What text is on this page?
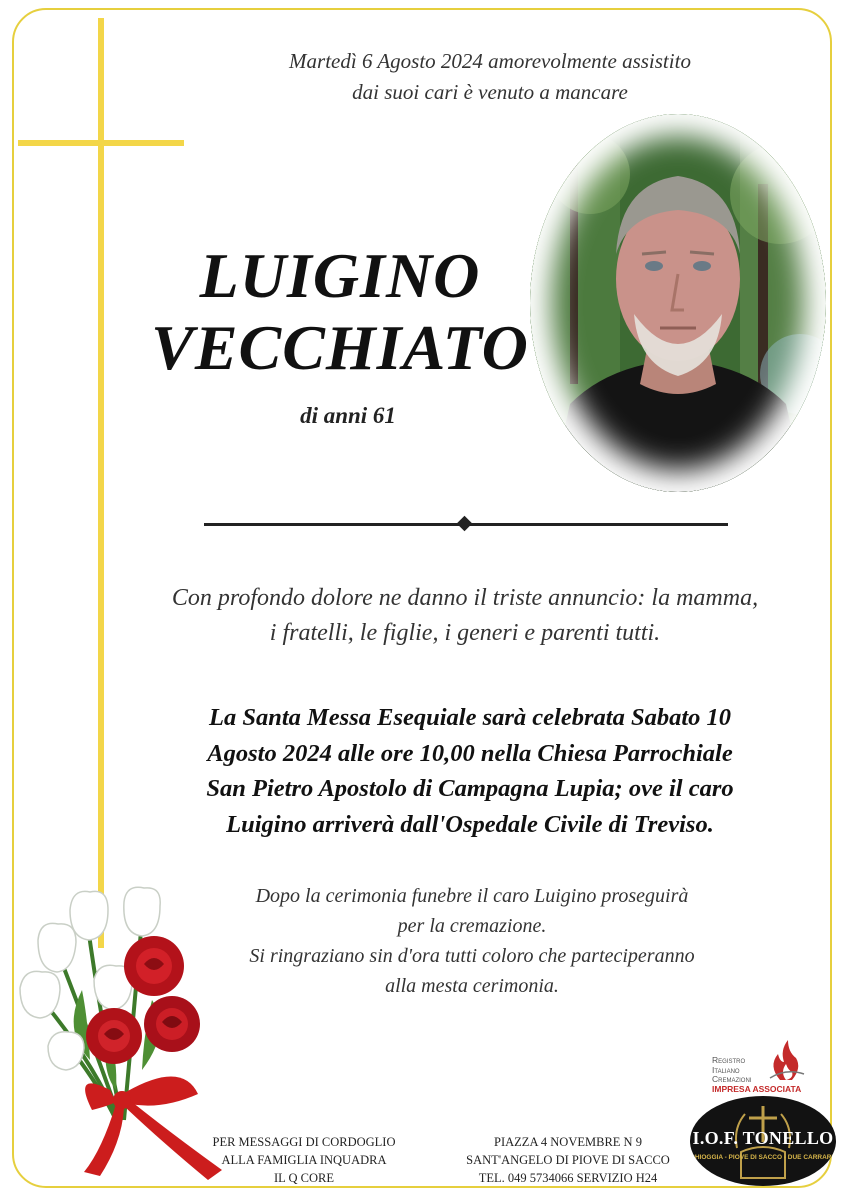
Martedì 6 Agosto 2024 amorevolmente assistito
dai suoi cari è venuto a mancare
LUIGINO
VECCHIATO
di anni 61
Con profondo dolore ne danno il triste annuncio: la mamma,
i fratelli, le figlie, i generi e parenti tutti.
La Santa Messa Esequiale sarà celebrata Sabato 10
Agosto 2024 alle ore 10,00 nella Chiesa Parrochiale
San Pietro Apostolo di Campagna Lupia; ove il caro
Luigino arriverà dall'Ospedale Civile di Treviso.
Dopo la cerimonia funebre il caro Luigino proseguirà
per la cremazione.
Si ringraziano sin d'ora tutti coloro che parteciperanno
alla mesta cerimonia.
PER MESSAGGI DI CORDOGLIO
ALLA FAMIGLIA INQUADRA
IL Q CORE
PIAZZA 4 NOVEMBRE N 9
SANT'ANGELO DI PIOVE DI SACCO
TEL. 049 5734066 SERVIZIO H24
Registro
Italiano
Cremazioni
IMPRESA ASSOCIATA
I.O.F. TONELLO
CHIOGGIA - PIOVE DI SACCO - DUE CARRARE
